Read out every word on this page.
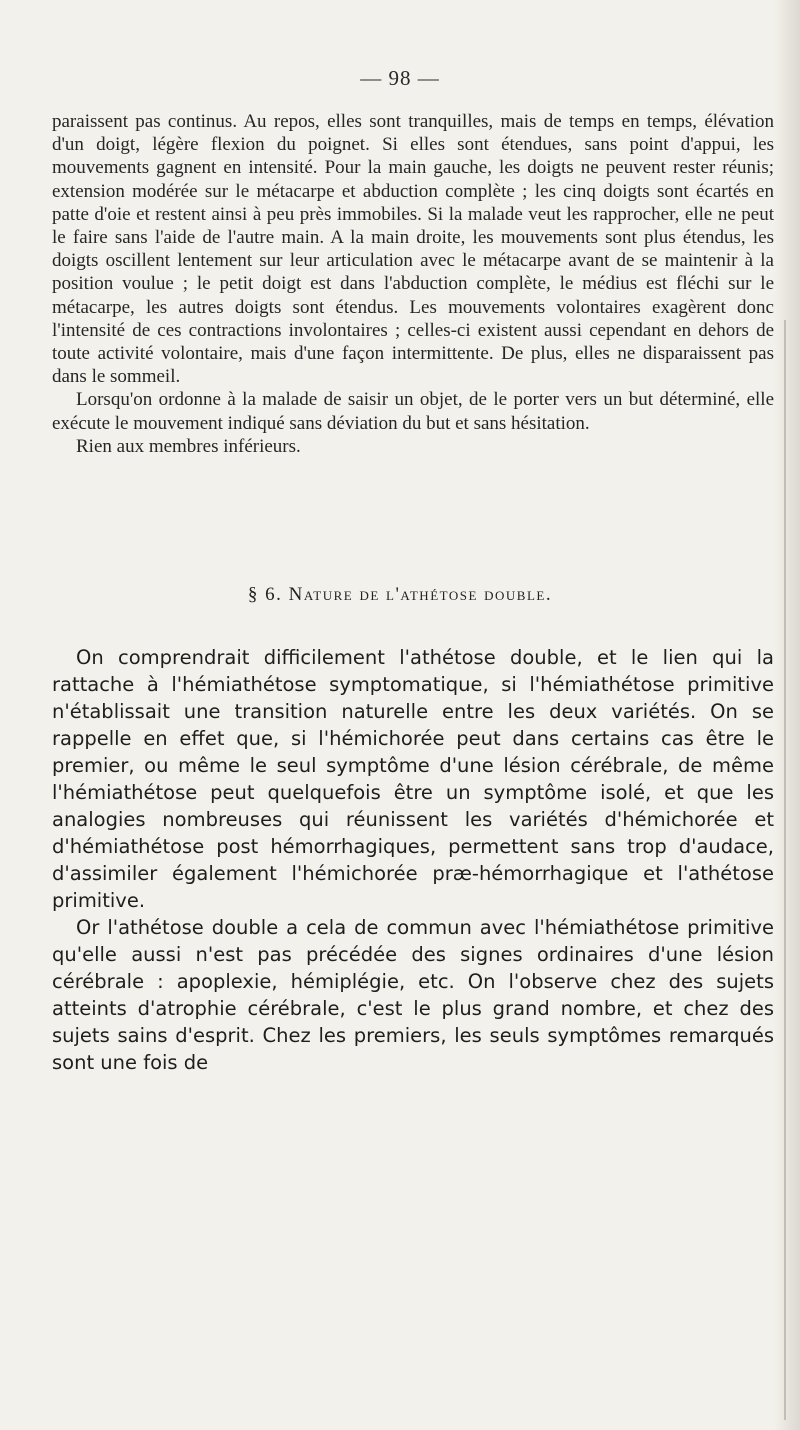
— 98 —

paraissent pas continus. Au repos, elles sont tranquilles, mais de temps en temps, élévation d'un doigt, légère flexion du poignet. Si elles sont étendues, sans point d'appui, les mouvements gagnent en intensité. Pour la main gauche, les doigts ne peuvent rester réunis; extension modérée sur le métacarpe et abduction complète ; les cinq doigts sont écartés en patte d'oie et restent ainsi à peu près immobiles. Si la malade veut les rapprocher, elle ne peut le faire sans l'aide de l'autre main. A la main droite, les mouvements sont plus étendus, les doigts oscillent lentement sur leur articulation avec le métacarpe avant de se maintenir à la position voulue ; le petit doigt est dans l'abduction complète, le médius est fléchi sur le métacarpe, les autres doigts sont étendus. Les mouvements volontaires exagèrent donc l'intensité de ces contractions involontaires ; celles-ci existent aussi cependant en dehors de toute activité volontaire, mais d'une façon intermittente. De plus, elles ne disparaissent pas dans le sommeil.

Lorsqu'on ordonne à la malade de saisir un objet, de le porter vers un but déterminé, elle exécute le mouvement indiqué sans déviation du but et sans hésitation.

Rien aux membres inférieurs.

§ 6. Nature de l'athétose double.

On comprendrait difficilement l'athétose double, et le lien qui la rattache à l'hémiathétose symptomatique, si l'hémiathétose primitive n'établissait une transition naturelle entre les deux variétés. On se rappelle en effet que, si l'hémichorée peut dans certains cas être le premier, ou même le seul symptôme d'une lésion cérébrale, de même l'hémiathétose peut quelquefois être un symptôme isolé, et que les analogies nombreuses qui réunissent les variétés d'hémichorée et d'hémiathétose post hémorrhagiques, permettent sans trop d'audace, d'assimiler également l'hémichorée præ-hémorrhagique et l'athétose primitive.

Or l'athétose double a cela de commun avec l'hémiathétose primitive qu'elle aussi n'est pas précédée des signes ordinaires d'une lésion cérébrale : apoplexie, hémiplégie, etc. On l'observe chez des sujets atteints d'atrophie cérébrale, c'est le plus grand nombre, et chez des sujets sains d'esprit. Chez les premiers, les seuls symptômes remarqués sont une fois de
